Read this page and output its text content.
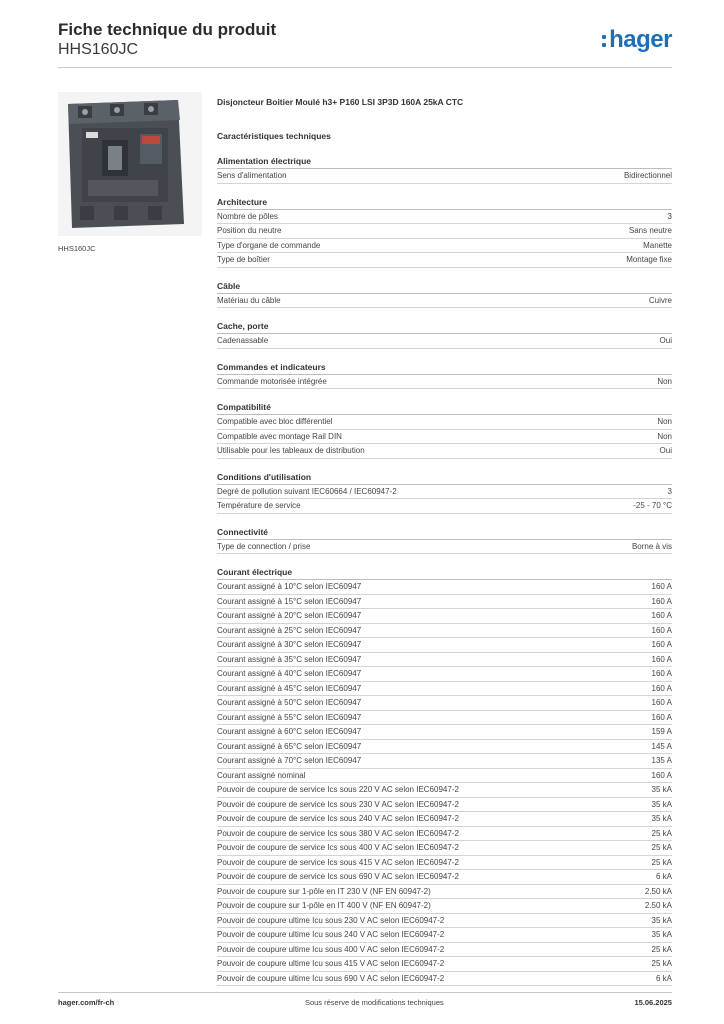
Fiche technique du produit
HHS160JC	hager
HHS160JC
Disjoncteur Boitier Moulé h3+ P160 LSI 3P3D 160A 25kA CTC
Caractéristiques techniques
Alimentation électrique
Sens d'alimentation	Bidirectionnel
Architecture
Nombre de pôles	3
Position du neutre	Sans neutre
Type d'organe de commande	Manette
Type de boîtier	Montage fixe
Câble
Matériau du câble	Cuivre
Cache, porte
Cadenassable	Oui
Commandes et indicateurs
Commande motorisée intégrée	Non
Compatibilité
Compatible avec bloc différentiel	Non
Compatible avec montage Rail DIN	Non
Utilisable pour les tableaux de distribution	Oui
Conditions d'utilisation
Degré de pollution suivant IEC60664 / IEC60947-2	3
Température de service	-25 - 70 °C
Connectivité
Type de connection / prise	Borne à vis
Courant électrique
Courant assigné à 10°C selon IEC60947	160 A
Courant assigné à 15°C selon IEC60947	160 A
Courant assigné à 20°C selon IEC60947	160 A
Courant assigné à 25°C selon IEC60947	160 A
Courant assigné à 30°C selon IEC60947	160 A
Courant assigné à 35°C selon IEC60947	160 A
Courant assigné à 40°C selon IEC60947	160 A
Courant assigné à 45°C selon IEC60947	160 A
Courant assigné à 50°C selon IEC60947	160 A
Courant assigné à 55°C selon IEC60947	160 A
Courant assigné à 60°C selon IEC60947	159 A
Courant assigné à 65°C selon IEC60947	145 A
Courant assigné à 70°C selon IEC60947	135 A
Courant assigné nominal	160 A
Pouvoir de coupure de service Ics sous 220 V AC selon IEC60947-2	35 kA
Pouvoir de coupure de service Ics sous 230 V AC selon IEC60947-2	35 kA
Pouvoir de coupure de service Ics sous 240 V AC selon IEC60947-2	35 kA
Pouvoir de coupure de service Ics sous 380 V AC selon IEC60947-2	25 kA
Pouvoir de coupure de service Ics sous 400 V AC selon IEC60947-2	25 kA
Pouvoir de coupure de service Ics sous 415 V AC selon IEC60947-2	25 kA
Pouvoir de coupure de service Ics sous 690 V AC selon IEC60947-2	6 kA
Pouvoir de coupure sur 1-pôle en IT 230 V (NF EN 60947-2)	2.50 kA
Pouvoir de coupure sur 1-pôle en IT 400 V (NF EN 60947-2)	2.50 kA
Pouvoir de coupure ultime Icu sous 230 V AC selon IEC60947-2	35 kA
Pouvoir de coupure ultime Icu sous 240 V AC selon IEC60947-2	35 kA
Pouvoir de coupure ultime Icu sous 400 V AC selon IEC60947-2	25 kA
Pouvoir de coupure ultime Icu sous 415 V AC selon IEC60947-2	25 kA
Pouvoir de coupure ultime Icu sous 690 V AC selon IEC60947-2	6 kA
hager.com/fr-ch	Sous réserve de modifications techniques	15.06.2025
